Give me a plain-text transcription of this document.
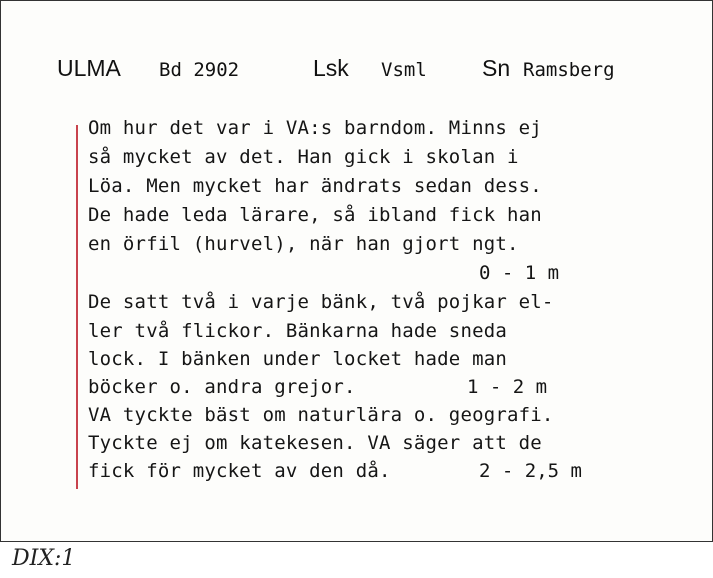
ULMA Bd 2902	Lsk Vsml Sn Ramsberg
Om hur det var i VA:s barndom. Minns ej
så mycket av det. Han gick i skolan i
Löa. Men mycket har ändrats sedan dess.
De hade leda lärare, så ibland fick han
en örfil (hurvel), när han gjort ngt.
0 - 1 m
De satt två i varje bänk, två pojkar el-
ler två flickor. Bänkarna hade sneda
lock. I bänken under locket hade man
böcker o. andra grejor.	1 - 2 m
VA tyckte bäst om naturlära o. geografi.
Tyckte ej om katekesen. VA säger att de
fick för mycket av den då.	2 - 2,5 m
DIX:1
